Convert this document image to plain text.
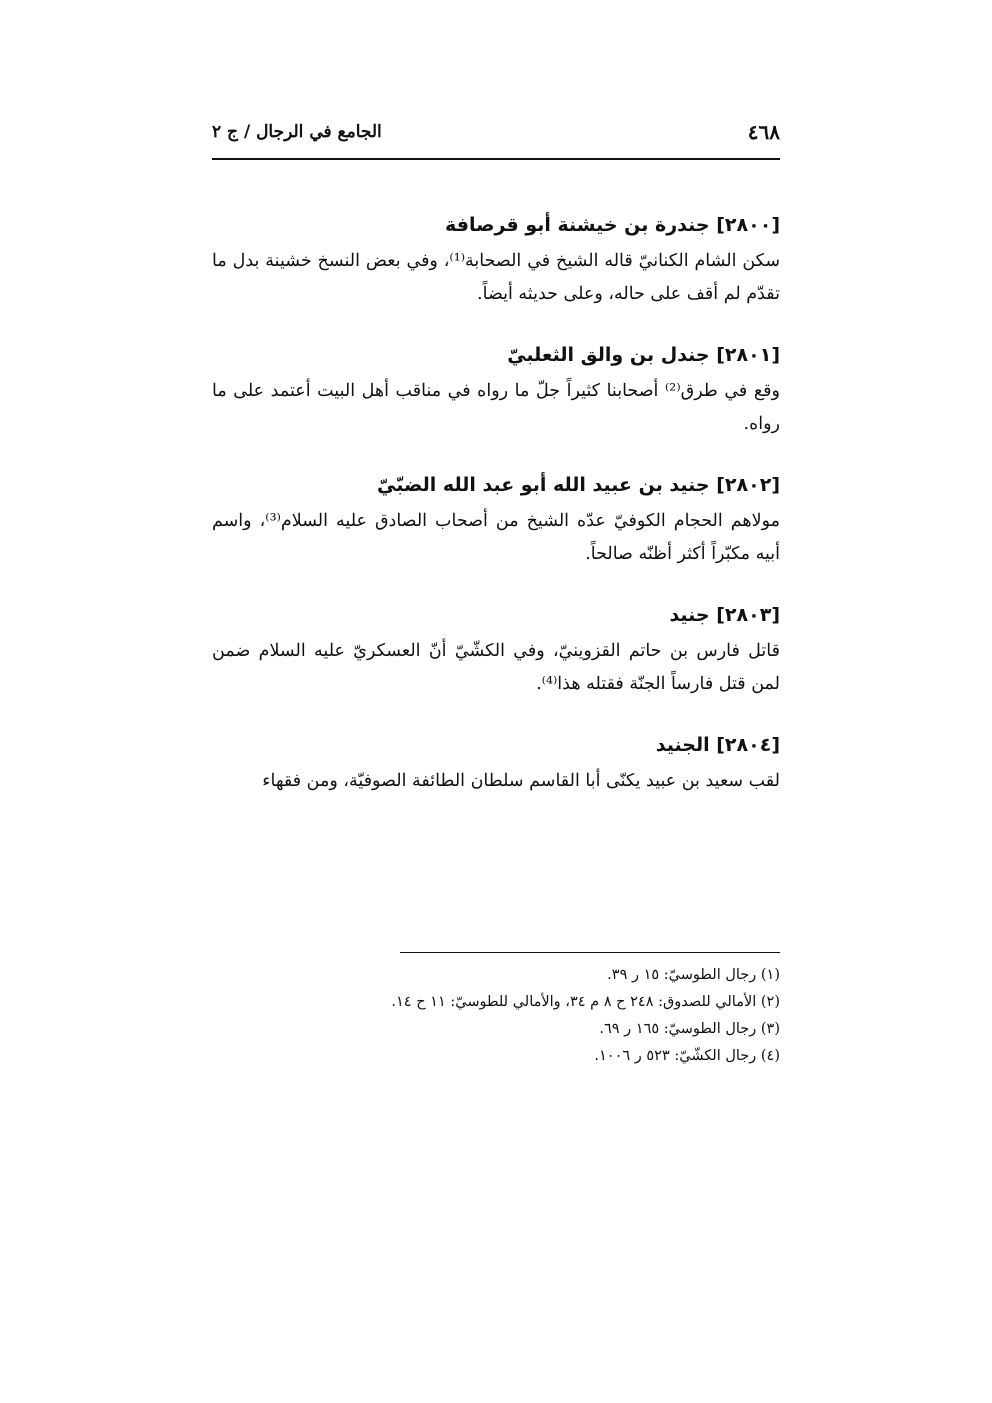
٤٦٨
الجامع في الرجال / ج ٢
[٢٨٠٠] جندرة بن خيشنة أبو قرصافة
سكن الشام الكنانيّ قاله الشيخ في الصحابة⁽¹⁾، وفي بعض النسخ خشينة بدل ما تقدّم لم أقف على حاله، وعلى حديثه أيضاً.
[٢٨٠١] جندل بن والق الثعلبيّ
وقع في طرق⁽²⁾ أصحابنا كثيراً جلّ ما رواه في مناقب أهل البيت أعتمد على ما رواه.
[٢٨٠٢] جنيد بن عبيد الله أبو عبد الله الضبّيّ
مولاهم الحجام الكوفيّ عدّه الشيخ من أصحاب الصادق عليه السلام⁽³⁾، واسم أبيه مكبّراً أكثر أظنّه صالحاً.
[٢٨٠٣] جنيد
قاتل فارس بن حاتم القزوينيّ، وفي الكشّيّ أنّ العسكريّ عليه السلام ضمن لمن قتل فارساً الجنّة فقتله هذا⁽⁴⁾.
[٢٨٠٤] الجنيد
لقب سعيد بن عبيد يكنّى أبا القاسم سلطان الطائفة الصوفيّة، ومن فقهاء
(١) رجال الطوسيّ: ١٥ ر ٣٩.
(٢) الأمالي للصدوق: ٢٤٨ ح ٨ م ٣٤، والأمالي للطوسيّ: ١١ ح ١٤.
(٣) رجال الطوسيّ: ١٦٥ ر ٦٩.
(٤) رجال الكشّيّ: ٥٢٣ ر ١٠٠٦.
